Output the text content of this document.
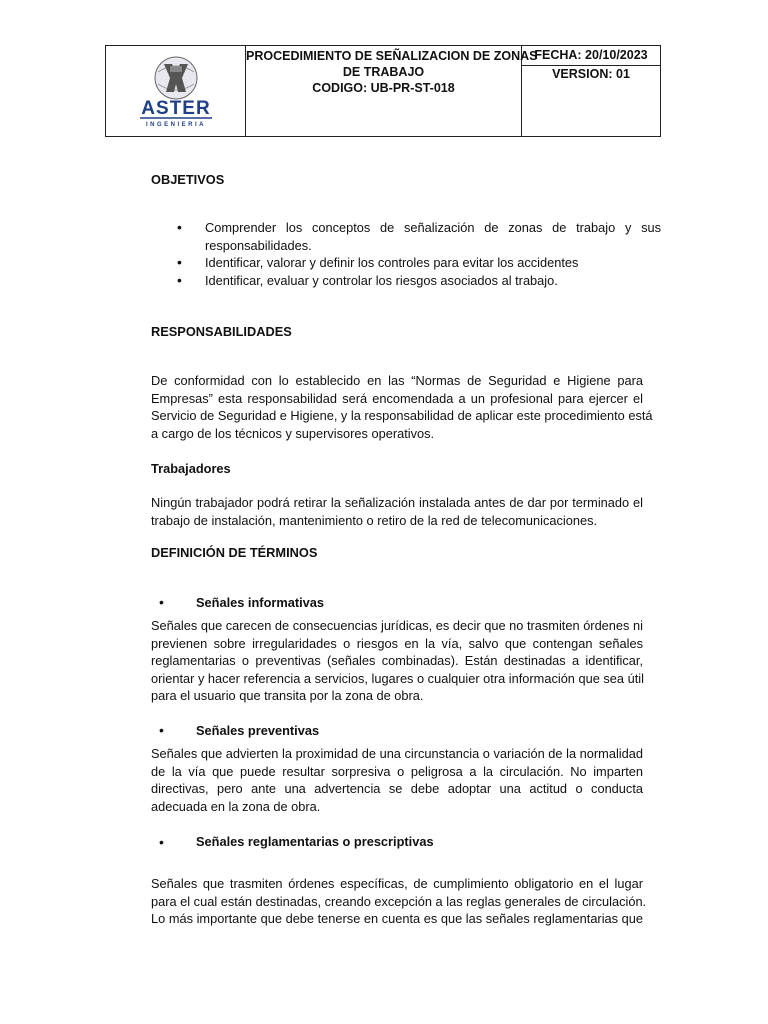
ASTER
INGENIERIA
PROCEDIMIENTO DE SEÑALIZACION DE ZONAS
DE TRABAJO
CODIGO: UB-PR-ST-018
FECHA: 20/10/2023
VERSION: 01
OBJETIVOS
• Comprender los conceptos de señalización de zonas de trabajo y sus
responsabilidades.
• Identificar, valorar y definir los controles para evitar los accidentes
• Identificar, evaluar y controlar los riesgos asociados al trabajo.
RESPONSABILIDADES
De conformidad con lo establecido en las “Normas de Seguridad e Higiene para
Empresas” esta responsabilidad será encomendada a un profesional para ejercer el
Servicio de Seguridad e Higiene, y la responsabilidad de aplicar este procedimiento está
a cargo de los técnicos y supervisores operativos.
Trabajadores
Ningún trabajador podrá retirar la señalización instalada antes de dar por terminado el
trabajo de instalación, mantenimiento o retiro de la red de telecomunicaciones.
DEFINICIÓN DE TÉRMINOS
•	Señales informativas
Señales que carecen de consecuencias jurídicas, es decir que no trasmiten órdenes ni
previenen sobre irregularidades o riesgos en la vía, salvo que contengan señales
reglamentarias o preventivas (señales combinadas). Están destinadas a identificar,
orientar y hacer referencia a servicios, lugares o cualquier otra información que sea útil
para el usuario que transita por la zona de obra.
•	Señales preventivas
Señales que advierten la proximidad de una circunstancia o variación de la normalidad
de la vía que puede resultar sorpresiva o peligrosa a la circulación. No imparten
directivas, pero ante una advertencia se debe adoptar una actitud o conducta
adecuada en la zona de obra.
•	Señales reglamentarias o prescriptivas
Señales que trasmiten órdenes específicas, de cumplimiento obligatorio en el lugar
para el cual están destinadas, creando excepción a las reglas generales de circulación.
Lo más importante que debe tenerse en cuenta es que las señales reglamentarias que
